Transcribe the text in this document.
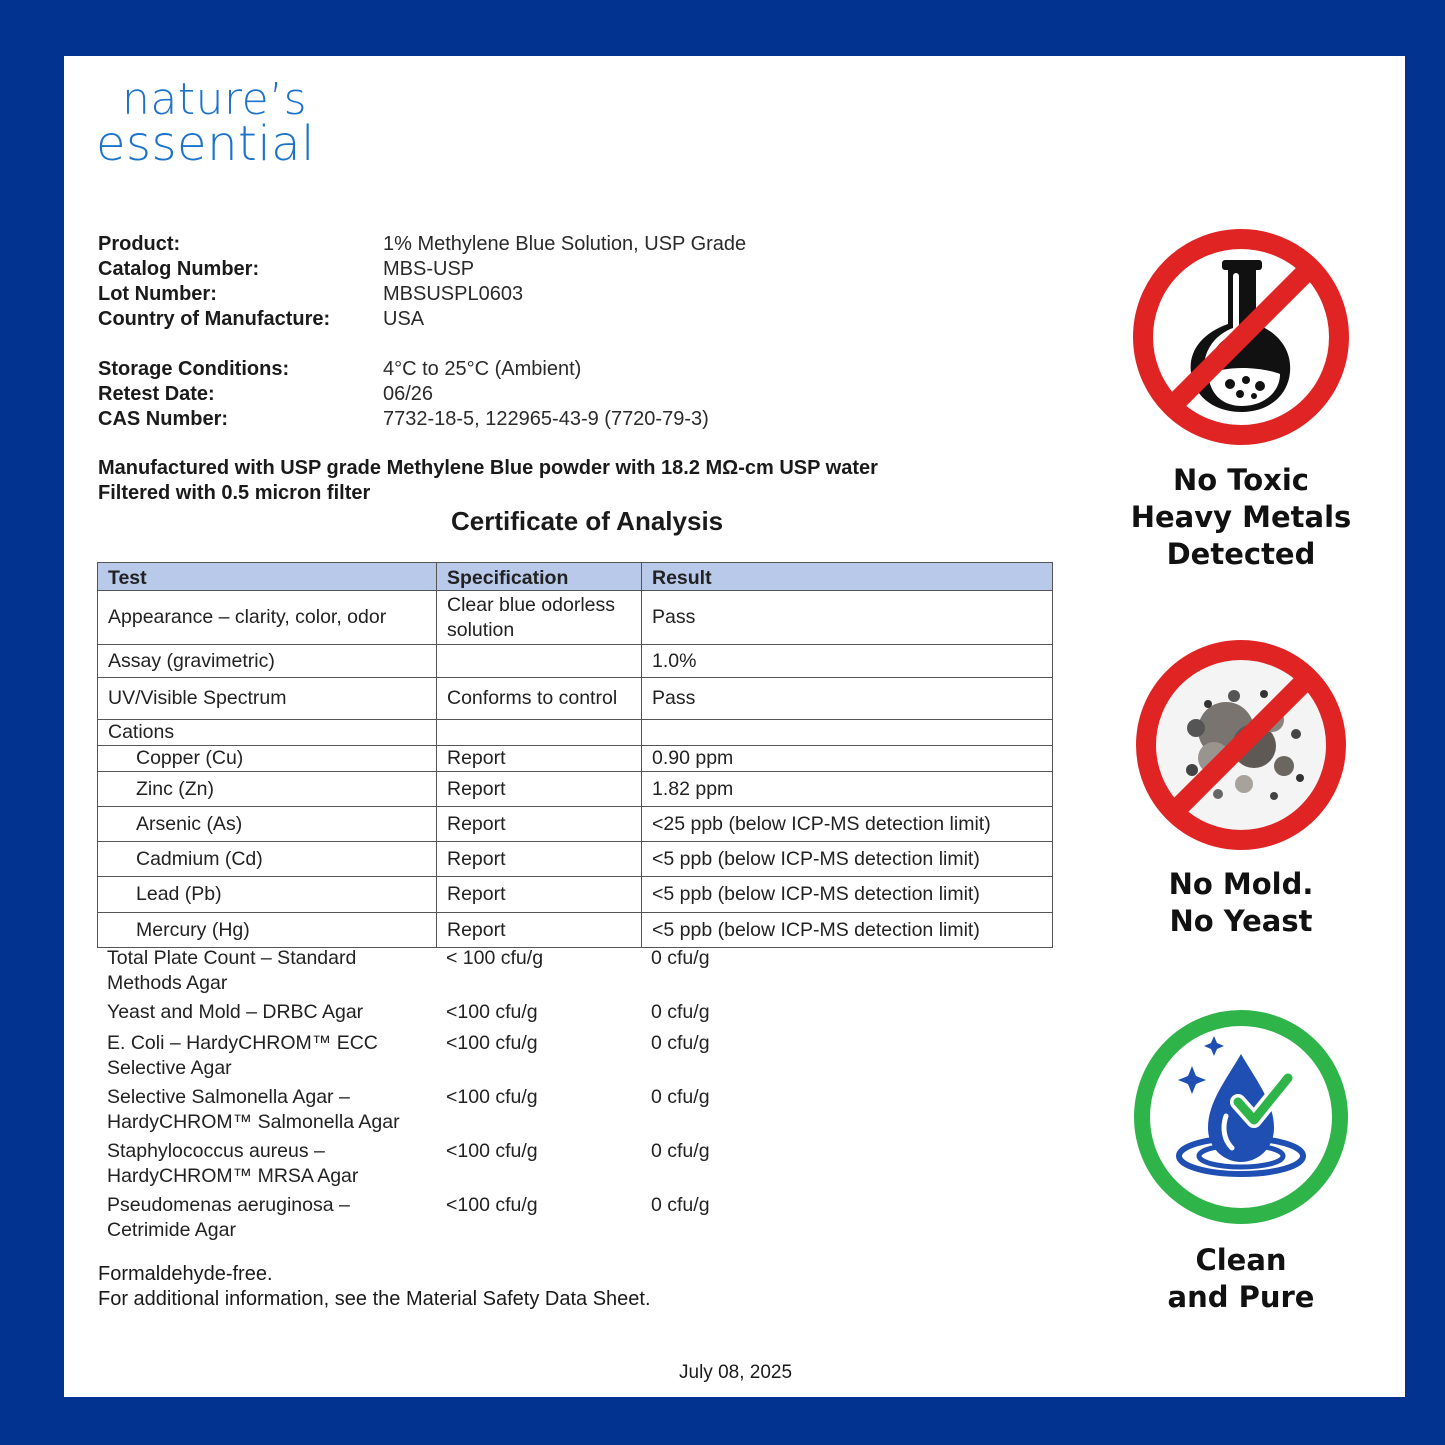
nature’s
essential
Product:	1% Methylene Blue Solution, USP Grade
Catalog Number:	MBS-USP
Lot Number:	MBSUSPL0603
Country of Manufacture:	USA
Storage Conditions:	4°C to 25°C (Ambient)
Retest Date:	06/26
CAS Number:	7732-18-5, 122965-43-9 (7720-79-3)
Manufactured with USP grade Methylene Blue powder with 18.2 MΩ-cm USP water
Filtered with 0.5 micron filter
Certificate of Analysis
Test	Specification	Result
Appearance – clarity, color, odor	Clear blue odorless solution	Pass
Assay (gravimetric)		1.0%
UV/Visible Spectrum	Conforms to control	Pass
Cations		
Copper (Cu)	Report	0.90 ppm
Zinc (Zn)	Report	1.82 ppm
Arsenic (As)	Report	<25 ppb (below ICP-MS detection limit)
Cadmium (Cd)	Report	<5 ppb (below ICP-MS detection limit)
Lead (Pb)	Report	<5 ppb (below ICP-MS detection limit)
Mercury (Hg)	Report	<5 ppb (below ICP-MS detection limit)
Total Plate Count – Standard Methods Agar	< 100 cfu/g	0 cfu/g
Yeast and Mold – DRBC Agar	<100 cfu/g	0 cfu/g
E. Coli – HardyCHROM™ ECC Selective Agar	<100 cfu/g	0 cfu/g
Selective Salmonella Agar – HardyCHROM™ Salmonella Agar	<100 cfu/g	0 cfu/g
Staphylococcus aureus – HardyCHROM™ MRSA Agar	<100 cfu/g	0 cfu/g
Pseudomenas aeruginosa – Cetrimide Agar	<100 cfu/g	0 cfu/g
Formaldehyde-free.
For additional information, see the Material Safety Data Sheet.
July 08, 2025
No Toxic
Heavy Metals
Detected
No Mold.
No Yeast
Clean
and Pure
